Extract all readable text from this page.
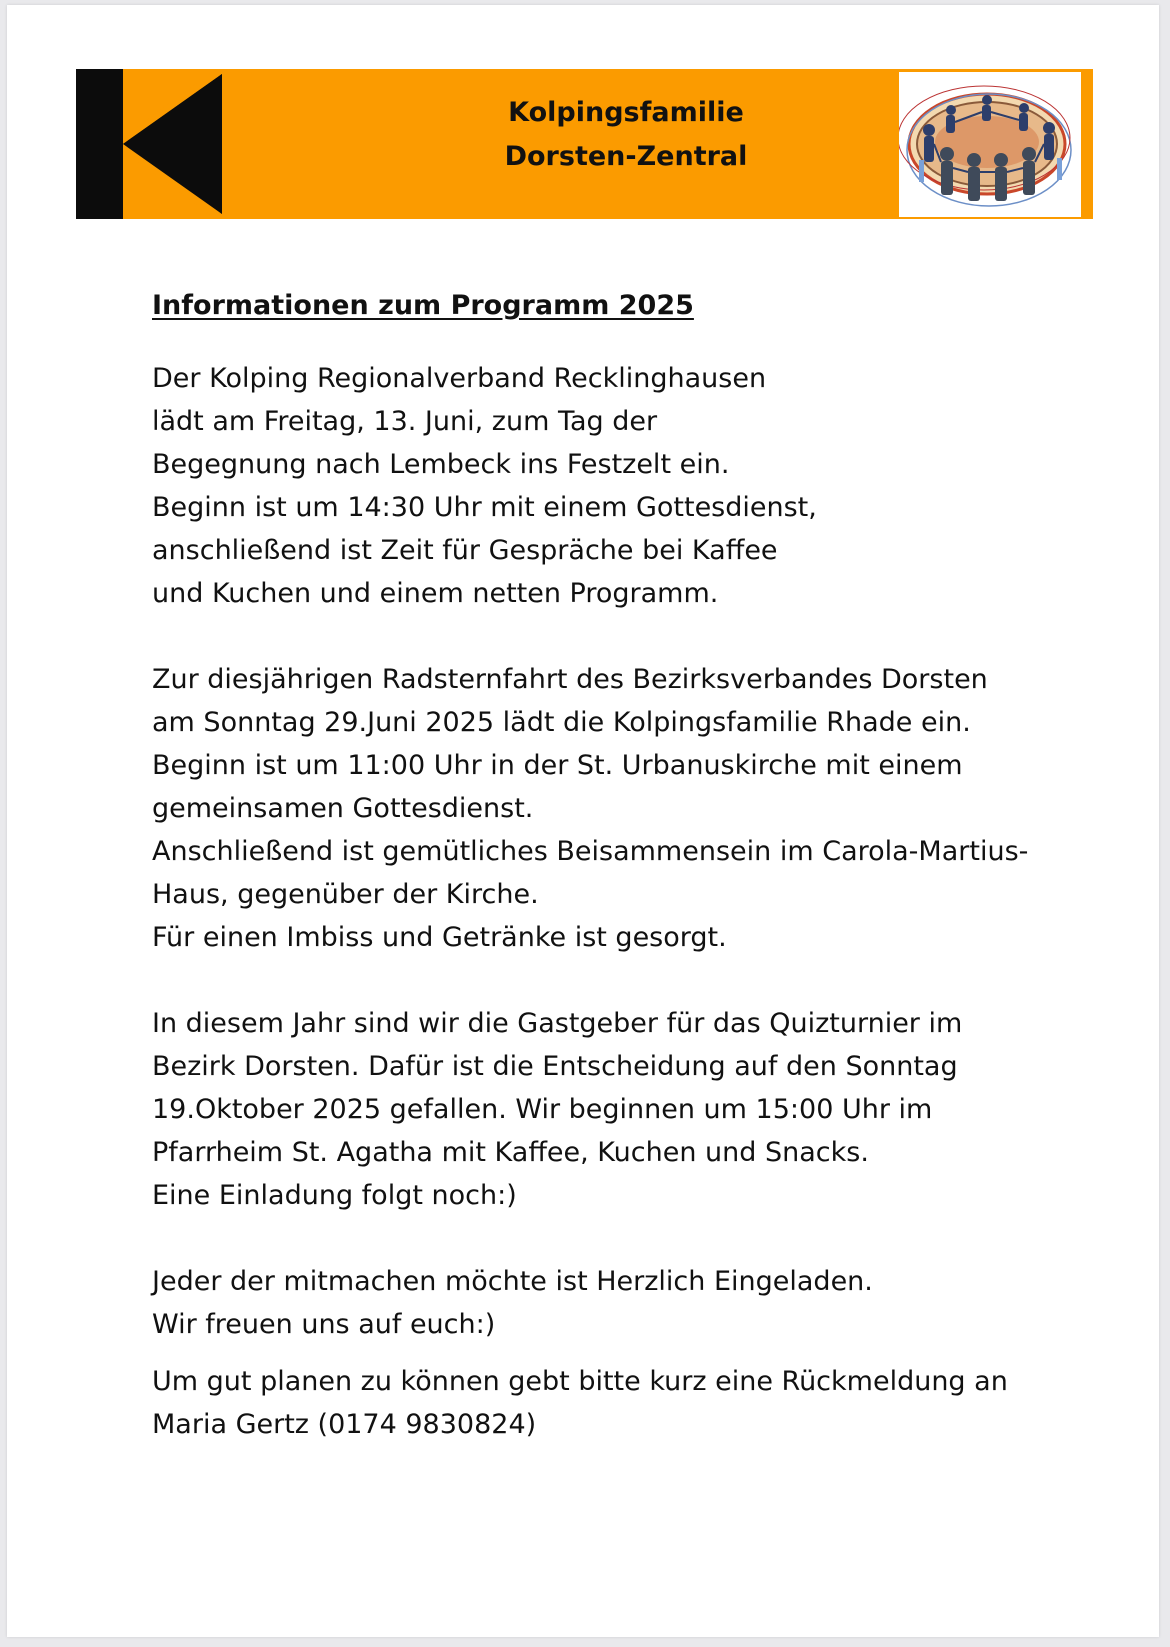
Kolpingsfamilie
Dorsten-Zentral
Informationen zum Programm 2025
Der Kolping Regionalverband Recklinghausen
lädt am Freitag, 13. Juni, zum Tag der
Begegnung nach Lembeck ins Festzelt ein.
Beginn ist um 14:30 Uhr mit einem Gottesdienst,
anschließend ist Zeit für Gespräche bei Kaffee
und Kuchen und einem netten Programm.
Zur diesjährigen Radsternfahrt des Bezirksverbandes Dorsten
am Sonntag 29.Juni 2025 lädt die Kolpingsfamilie Rhade ein.
Beginn ist um 11:00 Uhr in der St. Urbanuskirche mit einem
gemeinsamen Gottesdienst.
Anschließend ist gemütliches Beisammensein im Carola-Martius-
Haus, gegenüber der Kirche.
Für einen Imbiss und Getränke ist gesorgt.
In diesem Jahr sind wir die Gastgeber für das Quizturnier im
Bezirk Dorsten. Dafür ist die Entscheidung auf den Sonntag
19.Oktober 2025 gefallen. Wir beginnen um 15:00 Uhr im
Pfarrheim St. Agatha mit Kaffee, Kuchen und Snacks.
Eine Einladung folgt noch:)
Jeder der mitmachen möchte ist Herzlich Eingeladen.
Wir freuen uns auf euch:)
Um gut planen zu können gebt bitte kurz eine Rückmeldung an
Maria Gertz (0174 9830824)
